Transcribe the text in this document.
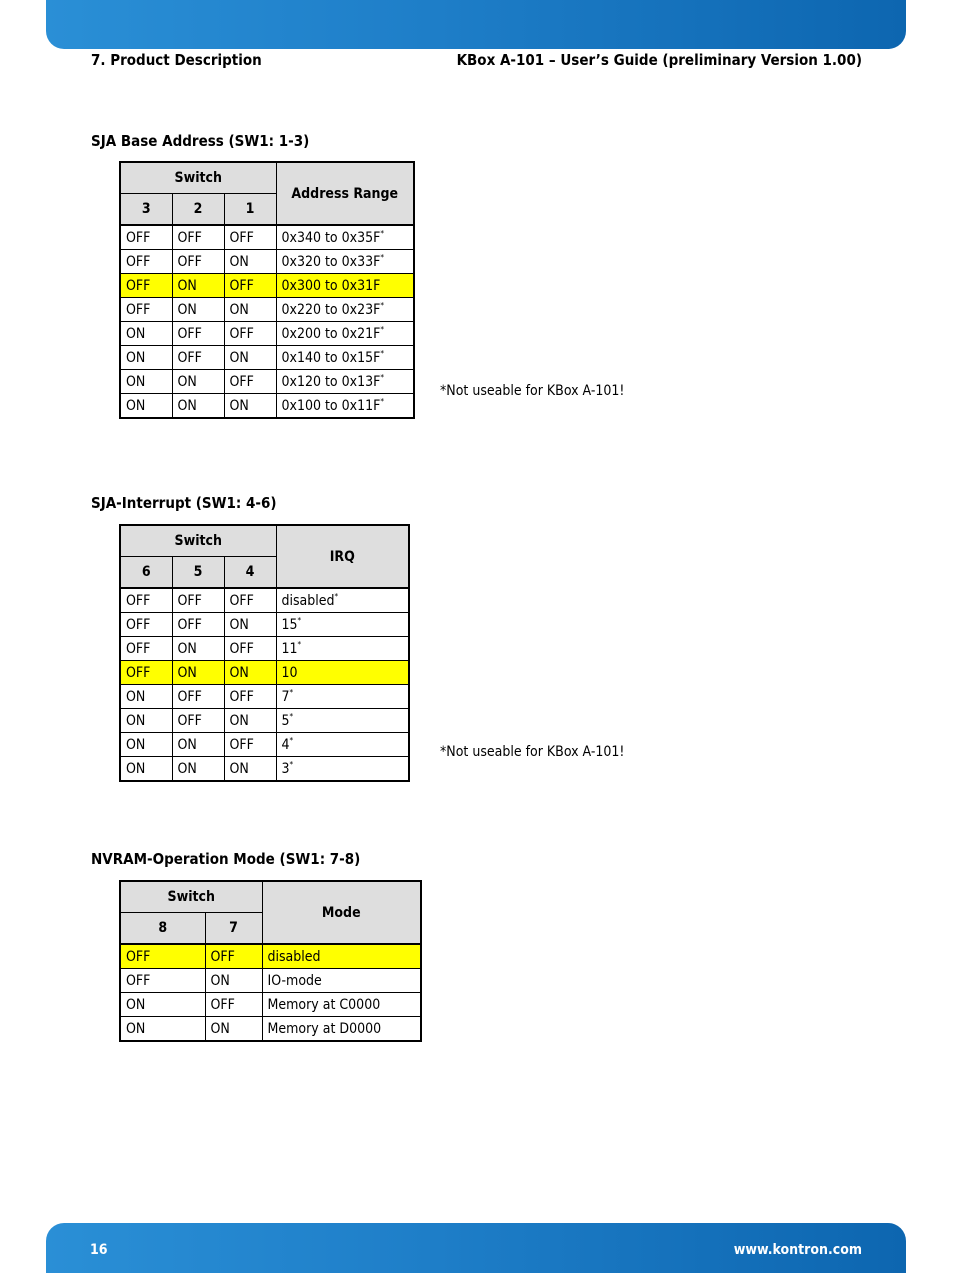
7. Product Description	KBox A-101 – User’s Guide (preliminary Version 1.00)
SJA Base Address (SW1: 1-3)
Switch			Address Range
3	2	1	
OFF	OFF	OFF	0x340 to 0x35F*
OFF	OFF	ON	0x320 to 0x33F*
OFF	ON	OFF	0x300 to 0x31F
OFF	ON	ON	0x220 to 0x23F*
ON	OFF	OFF	0x200 to 0x21F*
ON	OFF	ON	0x140 to 0x15F*
ON	ON	OFF	0x120 to 0x13F*
ON	ON	ON	0x100 to 0x11F*
*Not useable for KBox A-101!
SJA-Interrupt (SW1: 4-6)
Switch			IRQ
6	5	4	
OFF	OFF	OFF	disabled*
OFF	OFF	ON	15*
OFF	ON	OFF	11*
OFF	ON	ON	10
ON	OFF	OFF	7*
ON	OFF	ON	5*
ON	ON	OFF	4*
ON	ON	ON	3*
*Not useable for KBox A-101!
NVRAM-Operation Mode (SW1: 7-8)
Switch		Mode
8	7	
OFF	OFF	disabled
OFF	ON	IO-mode
ON	OFF	Memory at C0000
ON	ON	Memory at D0000
16	www.kontron.com
